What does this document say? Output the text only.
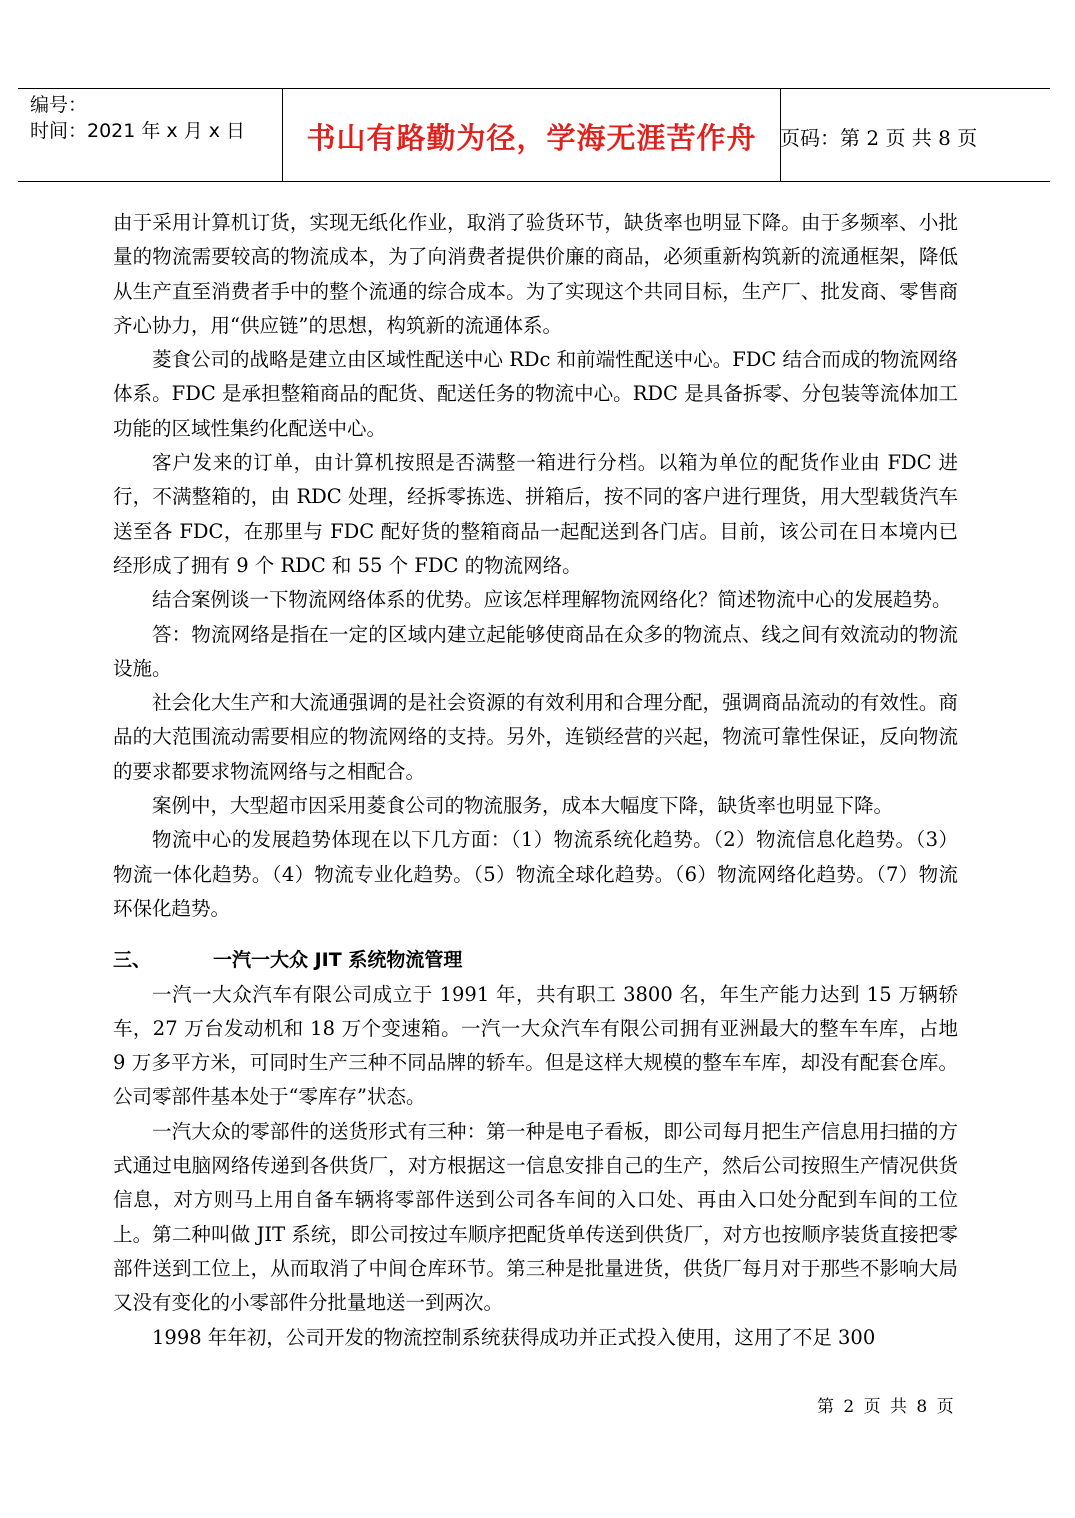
编号：
时间：2021 年 x 月 x 日	书山有路勤为径，学海无涯苦作舟	页码：第 2 页 共 8 页

由于采用计算机订货，实现无纸化作业，取消了验货环节，缺货率也明显下降。由于多频率、小批量的物流需要较高的物流成本，为了向消费者提供价廉的商品，必须重新构筑新的流通框架，降低从生产直至消费者手中的整个流通的综合成本。为了实现这个共同目标，生产厂、批发商、零售商齐心协力，用“供应链”的思想，构筑新的流通体系。

菱食公司的战略是建立由区域性配送中心 RDc 和前端性配送中心。FDC 结合而成的物流网络体系。FDC 是承担整箱商品的配货、配送任务的物流中心。RDC 是具备拆零、分包装等流体加工功能的区域性集约化配送中心。

客户发来的订单，由计算机按照是否满整一箱进行分档。以箱为单位的配货作业由 FDC 进行，不满整箱的，由 RDC 处理，经拆零拣选、拼箱后，按不同的客户进行理货，用大型载货汽车送至各 FDC，在那里与 FDC 配好货的整箱商品一起配送到各门店。目前，该公司在日本境内已经形成了拥有 9 个 RDC 和 55 个 FDC 的物流网络。

结合案例谈一下物流网络体系的优势。应该怎样理解物流网络化？简述物流中心的发展趋势。

答：物流网络是指在一定的区域内建立起能够使商品在众多的物流点、线之间有效流动的物流设施。

社会化大生产和大流通强调的是社会资源的有效利用和合理分配，强调商品流动的有效性。商品的大范围流动需要相应的物流网络的支持。另外，连锁经营的兴起，物流可靠性保证，反向物流的要求都要求物流网络与之相配合。

案例中，大型超市因采用菱食公司的物流服务，成本大幅度下降，缺货率也明显下降。

物流中心的发展趋势体现在以下几方面：（1）物流系统化趋势。（2）物流信息化趋势。（3）物流一体化趋势。（4）物流专业化趋势。（5）物流全球化趋势。（6）物流网络化趋势。（7）物流环保化趋势。

三、	一汽一大众 JIT 系统物流管理

一汽一大众汽车有限公司成立于 1991 年，共有职工 3800 名，年生产能力达到 15 万辆轿车，27 万台发动机和 18 万个变速箱。一汽一大众汽车有限公司拥有亚洲最大的整车车库，占地 9 万多平方米，可同时生产三种不同品牌的轿车。但是这样大规模的整车车库，却没有配套仓库。公司零部件基本处于“零库存”状态。

一汽大众的零部件的送货形式有三种：第一种是电子看板，即公司每月把生产信息用扫描的方式通过电脑网络传递到各供货厂，对方根据这一信息安排自己的生产，然后公司按照生产情况供货信息，对方则马上用自备车辆将零部件送到公司各车间的入口处、再由入口处分配到车间的工位上。第二种叫做 JIT 系统，即公司按过车顺序把配货单传送到供货厂，对方也按顺序装货直接把零部件送到工位上，从而取消了中间仓库环节。第三种是批量进货，供货厂每月对于那些不影响大局又没有变化的小零部件分批量地送一到两次。

1998 年年初，公司开发的物流控制系统获得成功并正式投入使用，这用了不足 300

第 2 页 共 8 页
